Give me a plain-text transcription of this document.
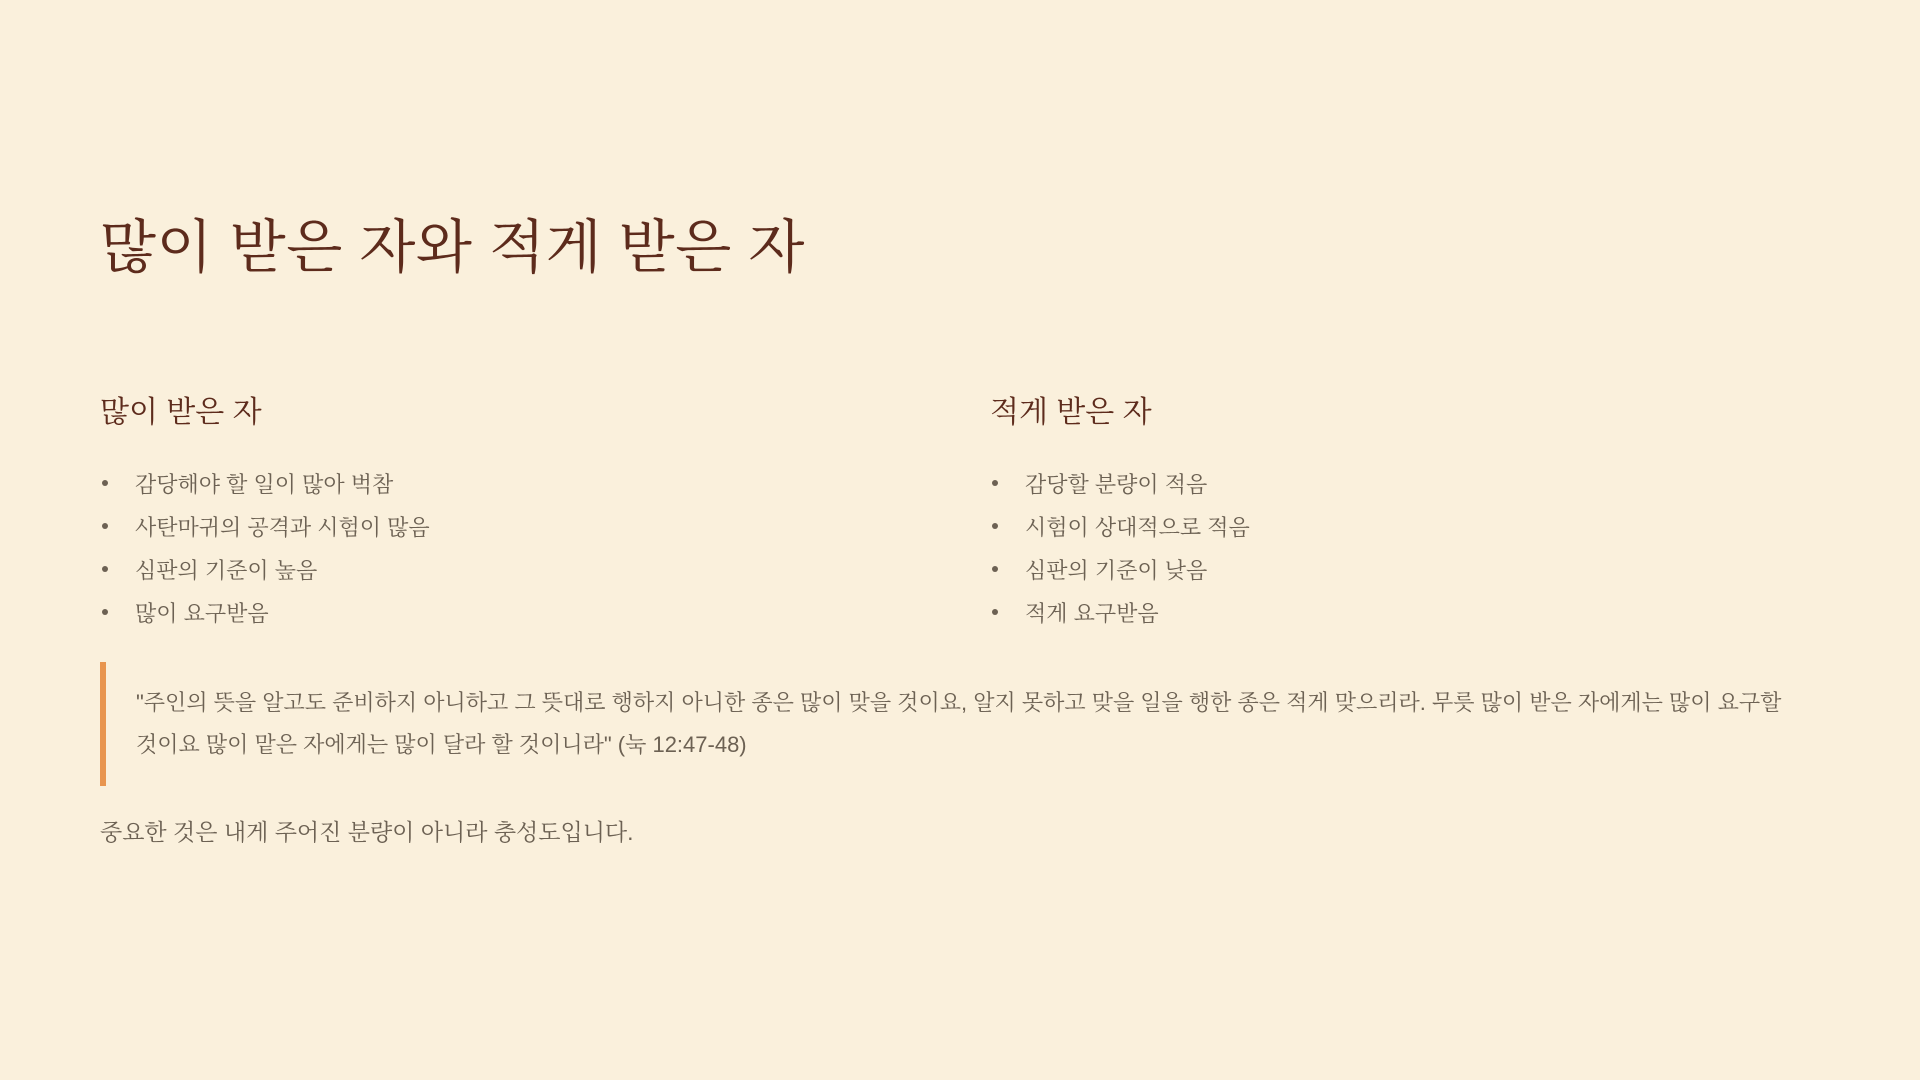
많이 받은 자와 적게 받은 자
많이 받은 자
감당해야 할 일이 많아 벅참
사탄마귀의 공격과 시험이 많음
심판의 기준이 높음
많이 요구받음
적게 받은 자
감당할 분량이 적음
시험이 상대적으로 적음
심판의 기준이 낮음
적게 요구받음

"주인의 뜻을 알고도 준비하지 아니하고 그 뜻대로 행하지 아니한 종은 많이 맞을 것이요, 알지 못하고 맞을 일을 행한 종은 적게 맞으리라. 무릇 많이 받은 자에게는 많이 요구할 것이요 많이 맡은 자에게는 많이 달라 할 것이니라" (눅 12:47-48)

중요한 것은 내게 주어진 분량이 아니라 충성도입니다.
